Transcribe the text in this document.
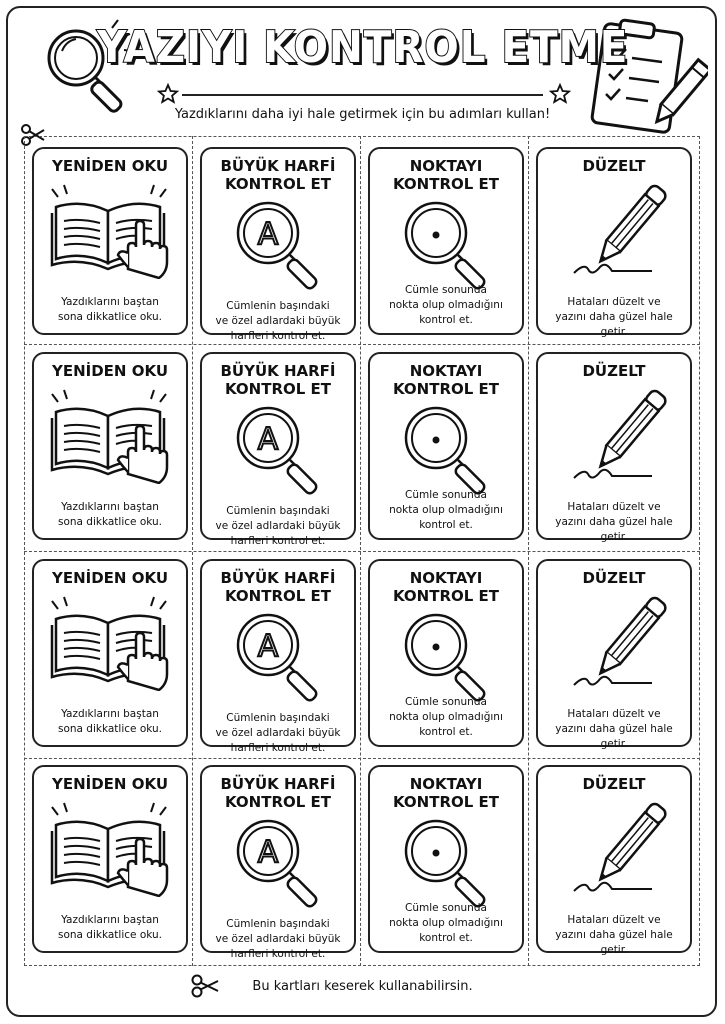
YAZIYI KONTROL ETME
Yazdıklarını daha iyi hale getirmek için bu adımları kullan!
YENİDEN OKU
Yazdıklarını baştan
sona dikkatlice oku.
BÜYÜK HARFİ
KONTROL ET
A
Cümlenin başındaki
ve özel adlardaki büyük
harfleri kontrol et.
NOKTAYI
KONTROL ET
Cümle sonunda
nokta olup olmadığını
kontrol et.
DÜZELT
Hataları düzelt ve
yazını daha güzel hale getir.
YENİDEN OKU
Yazdıklarını baştan
sona dikkatlice oku.
BÜYÜK HARFİ
KONTROL ET
A
Cümlenin başındaki
ve özel adlardaki büyük
harfleri kontrol et.
NOKTAYI
KONTROL ET
Cümle sonunda
nokta olup olmadığını
kontrol et.
DÜZELT
Hataları düzelt ve
yazını daha güzel hale getir.
YENİDEN OKU
Yazdıklarını baştan
sona dikkatlice oku.
BÜYÜK HARFİ
KONTROL ET
A
Cümlenin başındaki
ve özel adlardaki büyük
harfleri kontrol et.
NOKTAYI
KONTROL ET
Cümle sonunda
nokta olup olmadığını
kontrol et.
DÜZELT
Hataları düzelt ve
yazını daha güzel hale getir.
YENİDEN OKU
Yazdıklarını baştan
sona dikkatlice oku.
BÜYÜK HARFİ
KONTROL ET
A
Cümlenin başındaki
ve özel adlardaki büyük
harfleri kontrol et.
NOKTAYI
KONTROL ET
Cümle sonunda
nokta olup olmadığını
kontrol et.
DÜZELT
Hataları düzelt ve
yazını daha güzel hale getir.
Bu kartları keserek kullanabilirsin.
